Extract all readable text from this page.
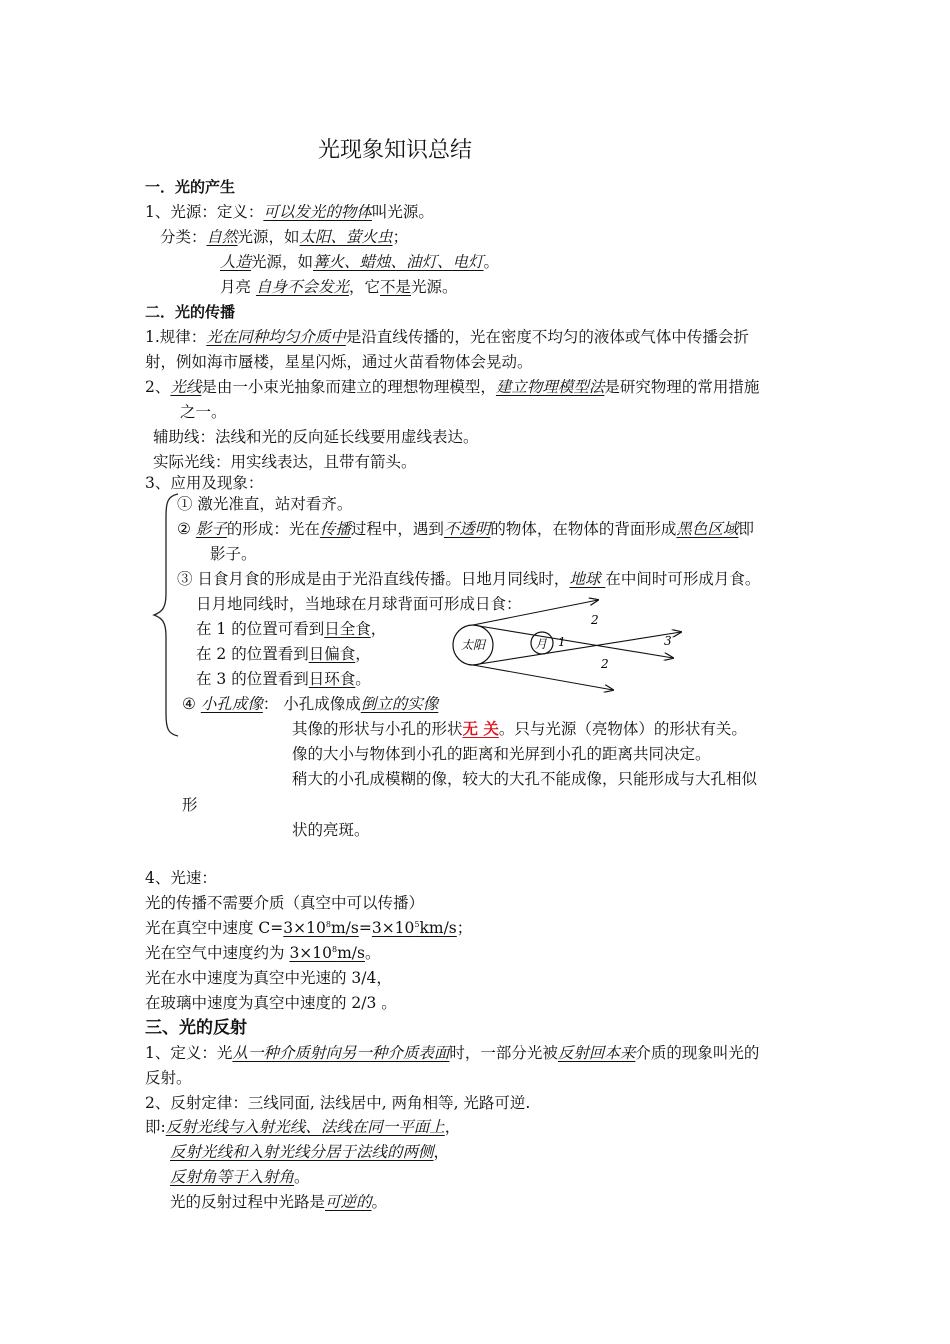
光现象知识总结
一．光的产生
1、光源：定义：可以发光的物体叫光源。
分类：自然光源，如太阳、萤火虫；
人造光源，如篝火、蜡烛、油灯、电灯。
月亮 自身不会发光，它不是光源。
二．光的传播
1.规律：光在同种均匀介质中是沿直线传播的，光在密度不均匀的液体或气体中传播会折
射，例如海市蜃楼，星星闪烁，通过火苗看物体会晃动。
2、光线是由一小束光抽象而建立的理想物理模型，建立物理模型法是研究物理的常用措施
之一。
辅助线：法线和光的反向延长线要用虚线表达。
实际光线：用实线表达，且带有箭头。
3、应用及现象：
① 激光准直，站对看齐。
② 影子的形成：光在传播过程中，遇到不透明的物体，在物体的背面形成黑色区域即
影子。
③ 日食月食的形成是由于光沿直线传播。日地月同线时，地球 在中间时可形成月食。
日月地同线时，当地球在月球背面可形成日食：
在 1 的位置可看到日全食，
在 2 的位置看到日偏食，
在 3 的位置看到日环食。
太阳	月 1
2
2
3
④ 小孔成像： 小孔成像成倒立的实像
其像的形状与小孔的形状无 关。只与光源（亮物体）的形状有关。
像的大小与物体到小孔的距离和光屏到小孔的距离共同决定。
稍大的小孔成模糊的像，较大的大孔不能成像，只能形成与大孔相似
形
状的亮斑。
4、光速：
光的传播不需要介质（真空中可以传播）
光在真空中速度 $C=3\times 10^8m/s=3\times 10^5km/s$；
光在空气中速度约为 $3\times 10^8m/s$。
光在水中速度为真空中光速的 3/4，
在玻璃中速度为真空中速度的 2/3 。
三、光的反射
1、定义：光从一种介质射向另一种介质表面时，一部分光被反射回本来介质的现象叫光的
反射。
2、反射定律：三线同面, 法线居中, 两角相等, 光路可逆.
即:反射光线与入射光线、法线在同一平面上，
反射光线和入射光线分居于法线的两侧，
反射角等于入射角。
光的反射过程中光路是可逆的。
